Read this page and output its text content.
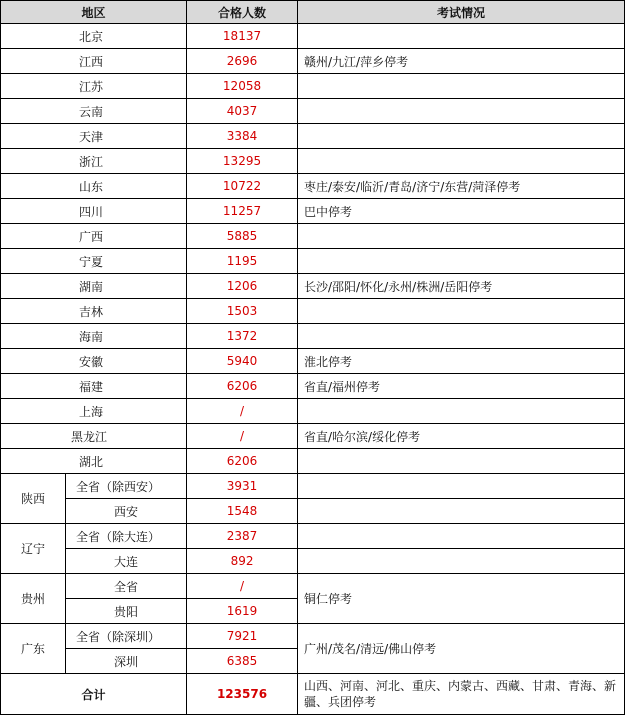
地区		合格人数	考试情况
北京		18137	
江西		2696	赣州/九江/萍乡停考
江苏		12058	
云南		4037	
天津		3384	
浙江		13295	
山东		10722	枣庄/泰安/临沂/青岛/济宁/东营/菏泽停考
四川		11257	巴中停考
广西		5885	
宁夏		1195	
湖南		1206	长沙/邵阳/怀化/永州/株洲/岳阳停考
吉林		1503	
海南		1372	
安徽		5940	淮北停考
福建		6206	省直/福州停考
上海		/	
黑龙江		/	省直/哈尔滨/绥化停考
湖北		6206	
陕西	全省（除西安）	3931	
	西安	1548	
辽宁	全省（除大连）	2387	
	大连	892	
贵州	全省	/	铜仁停考
	贵阳	1619	
广东	全省（除深圳）	7921	广州/茂名/清远/佛山停考
	深圳	6385	
合计		123576	山西、河南、河北、重庆、内蒙古、西藏、甘肃、青海、新疆、兵团停考
